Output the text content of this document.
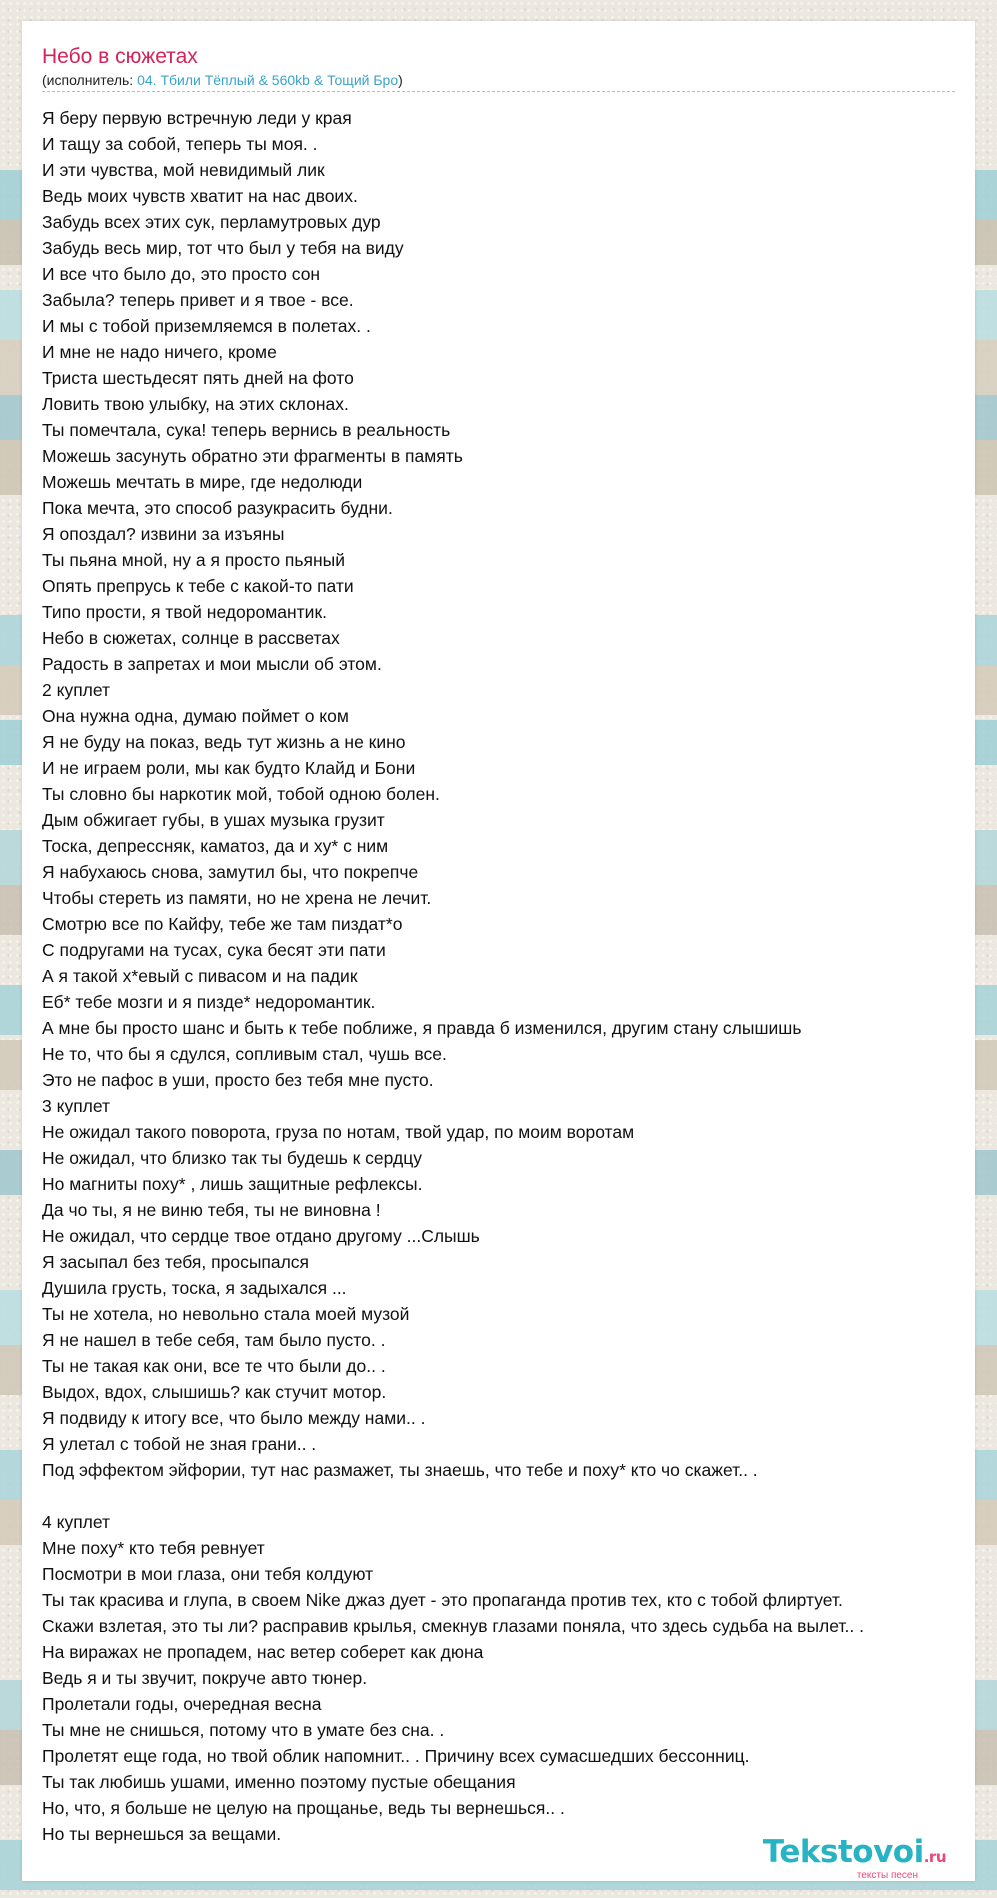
Небо в сюжетах
(исполнитель: 04. Тбили Тёплый & 560kb & Тощий Бро)
Я беру первую встречную леди у края
И тащу за собой, теперь ты моя. .
И эти чувства, мой невидимый лик
Ведь моих чувств хватит на нас двоих.
Забудь всех этих сук, перламутровых дур
Забудь весь мир, тот что был у тебя на виду
И все что было до, это просто сон
Забыла? теперь привет и я твое - все.
И мы с тобой приземляемся в полетах. .
И мне не надо ничего, кроме
Триста шестьдесят пять дней на фото
Ловить твою улыбку, на этих склонах.
Ты помечтала, сука! теперь вернись в реальность
Можешь засунуть обратно эти фрагменты в память
Можешь мечтать в мире, где недолюди
Пока мечта, это способ разукрасить будни.
Я опоздал? извини за изъяны
Ты пьяна мной, ну а я просто пьяный
Опять препрусь к тебе с какой-то пати
Типо прости, я твой недоромантик.
Небо в сюжетах, солнце в рассветах
Радость в запретах и мои мысли об этом.
2 куплет
Она нужна одна, думаю поймет о ком
Я не буду на показ, ведь тут жизнь а не кино
И не играем роли, мы как будто Клайд и Бони
Ты словно бы наркотик мой, тобой одною болен.
Дым обжигает губы, в ушах музыка грузит
Тоска, депрессняк, каматоз, да и ху* с ним
Я набухаюсь снова, замутил бы, что покрепче
Чтобы стереть из памяти, но не хрена не лечит.
Смотрю все по Кайфу, тебе же там пиздат*о
С подругами на тусах, сука бесят эти пати
А я такой х*евый с пивасом и на падик
Еб* тебе мозги и я пизде* недоромантик.
А мне бы просто шанс и быть к тебе поближе, я правда б изменился, другим стану слышишь
Не то, что бы я сдулся, сопливым стал, чушь все.
Это не пафос в уши, просто без тебя мне пусто.
3 куплет
Не ожидал такого поворота, груза по нотам, твой удар, по моим воротам
Не ожидал, что близко так ты будешь к сердцу
Но магниты поху* , лишь защитные рефлексы.
Да чо ты, я не виню тебя, ты не виновна !
Не ожидал, что сердце твое отдано другому ...Слышь
Я засыпал без тебя, просыпался
Душила грусть, тоска, я задыхался ...
Ты не хотела, но невольно стала моей музой
Я не нашел в тебе себя, там было пусто. .
Ты не такая как они, все те что были до.. .
Выдох, вдох, слышишь? как стучит мотор.
Я подвиду к итогу все, что было между нами.. .
Я улетал с тобой не зная грани.. .
Под эффектом эйфории, тут нас размажет, ты знаешь, что тебе и поху* кто чо скажет.. .
4 куплет
Мне поху* кто тебя ревнует
Посмотри в мои глаза, они тебя колдуют
Ты так красива и глупа, в своем Nike джаз дует - это пропаганда против тех, кто с тобой флиртует.
Скажи взлетая, это ты ли? расправив крылья, смекнув глазами поняла, что здесь судьба на вылет.. .
На виражах не пропадем, нас ветер соберет как дюна
Ведь я и ты звучит, покруче авто тюнер.
Пролетали годы, очередная весна
Ты мне не снишься, потому что в умате без сна. .
Пролетят еще года, но твой облик напомнит.. . Причину всех сумасшедших бессонниц.
Ты так любишь ушами, именно поэтому пустые обещания
Но, что, я больше не целую на прощанье, ведь ты вернешься.. .
Но ты вернешься за вещами.	Tekstovoi.ru
тексты песен
